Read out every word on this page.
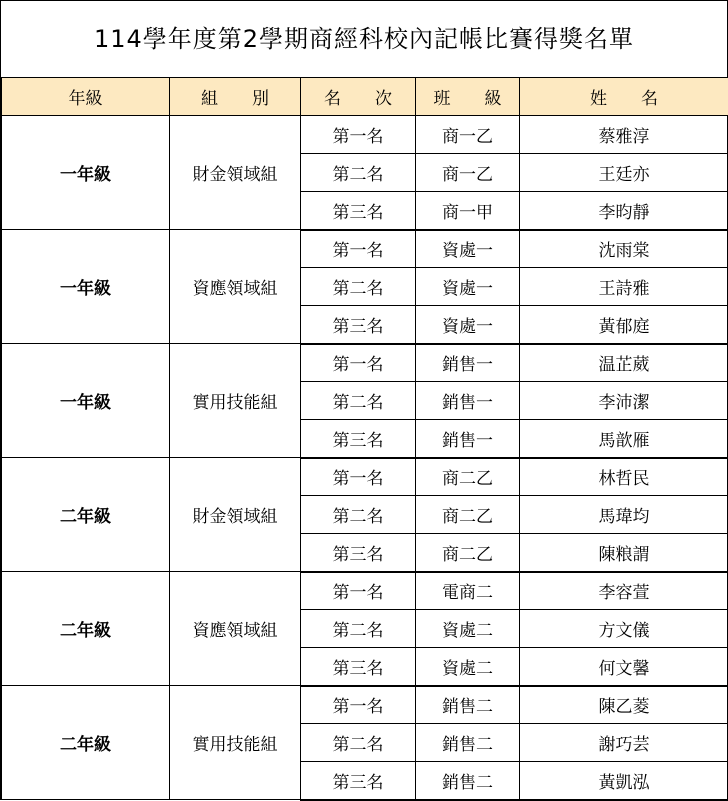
114學年度第2學期商經科校內記帳比賽得獎名單
年級	組　　別	名　　次	班　　級	姓　　名
一年級	財金領域組	第一名	商一乙	蔡雅淳
		第二名	商一乙	王廷亦
		第三名	商一甲	李昀靜
一年級	資應領域組	第一名	資處一	沈雨棠
		第二名	資處一	王詩雅
		第三名	資處一	黃郁庭
一年級	實用技能組	第一名	銷售一	温芷葳
		第二名	銷售一	李沛潔
		第三名	銷售一	馬歆雁
二年級	財金領域組	第一名	商二乙	林哲民
		第二名	商二乙	馬瑋均
		第三名	商二乙	陳粮謂
二年級	資應領域組	第一名	電商二	李容萱
		第二名	資處二	方文儀
		第三名	資處二	何文馨
二年級	實用技能組	第一名	銷售二	陳乙菱
		第二名	銷售二	謝巧芸
		第三名	銷售二	黃凱泓
